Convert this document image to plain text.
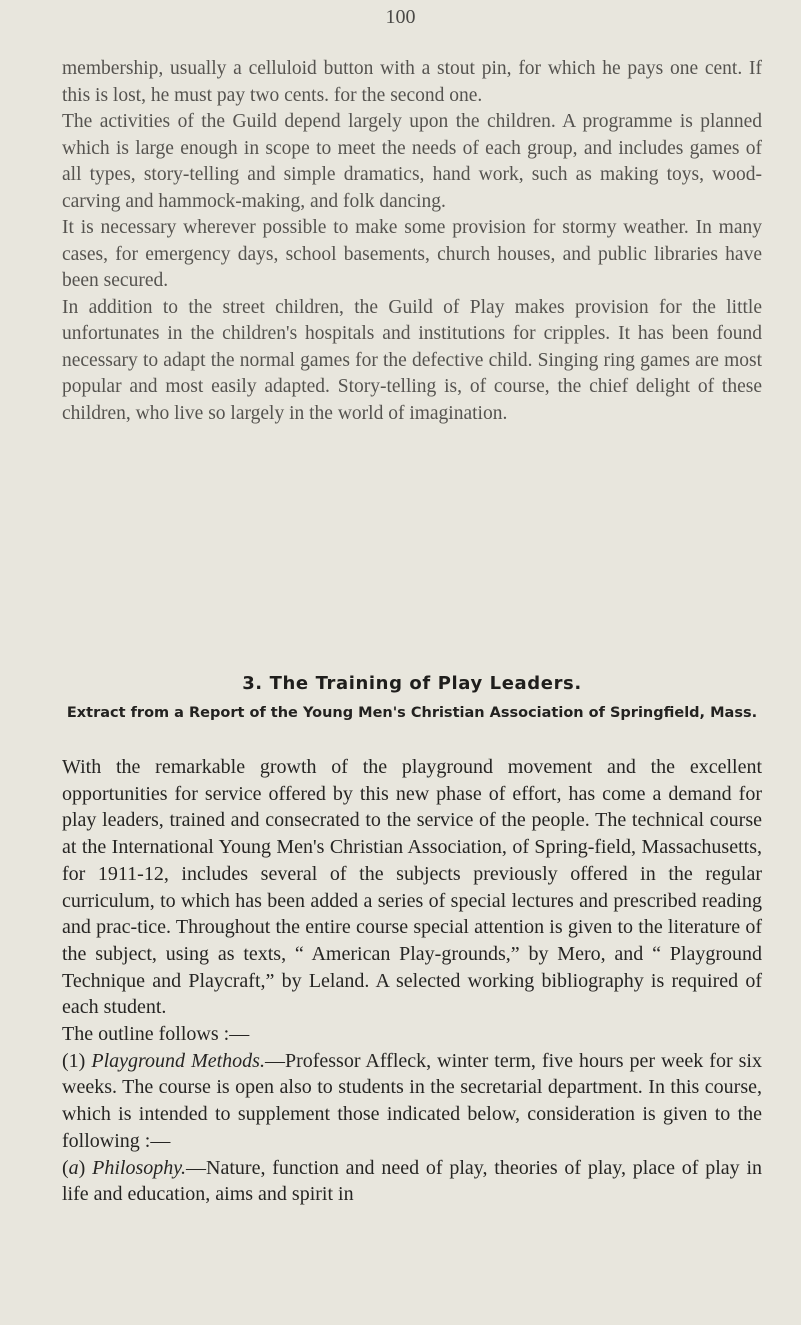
100

membership, usually a celluloid button with a stout pin, for which he pays one cent. If this is lost, he must pay two cents. for the second one.

The activities of the Guild depend largely upon the children. A programme is planned which is large enough in scope to meet the needs of each group, and includes games of all types, story-telling and simple dramatics, hand work, such as making toys, wood-carving and hammock-making, and folk dancing.

It is necessary wherever possible to make some provision for stormy weather. In many cases, for emergency days, school basements, church houses, and public libraries have been secured.

In addition to the street children, the Guild of Play makes provision for the little unfortunates in the children's hospitals and institutions for cripples. It has been found necessary to adapt the normal games for the defective child. Singing ring games are most popular and most easily adapted. Story-telling is, of course, the chief delight of these children, who live so largely in the world of imagination.

3. The Training of Play Leaders.
Extract from a Report of the Young Men's Christian Association of Springfield, Mass.

With the remarkable growth of the playground movement and the excellent opportunities for service offered by this new phase of effort, has come a demand for play leaders, trained and consecrated to the service of the people. The technical course at the International Young Men's Christian Association, of Spring-field, Massachusetts, for 1911-12, includes several of the subjects previously offered in the regular curriculum, to which has been added a series of special lectures and prescribed reading and prac-tice. Throughout the entire course special attention is given to the literature of the subject, using as texts, “ American Play-grounds,” by Mero, and “ Playground Technique and Playcraft,” by Leland. A selected working bibliography is required of each student.

The outline follows :—

(1) Playground Methods.—Professor Affleck, winter term, five hours per week for six weeks. The course is open also to students in the secretarial department. In this course, which is intended to supplement those indicated below, consideration is given to the following :—

(a) Philosophy.—Nature, function and need of play, theories of play, place of play in life and education, aims and spirit in
